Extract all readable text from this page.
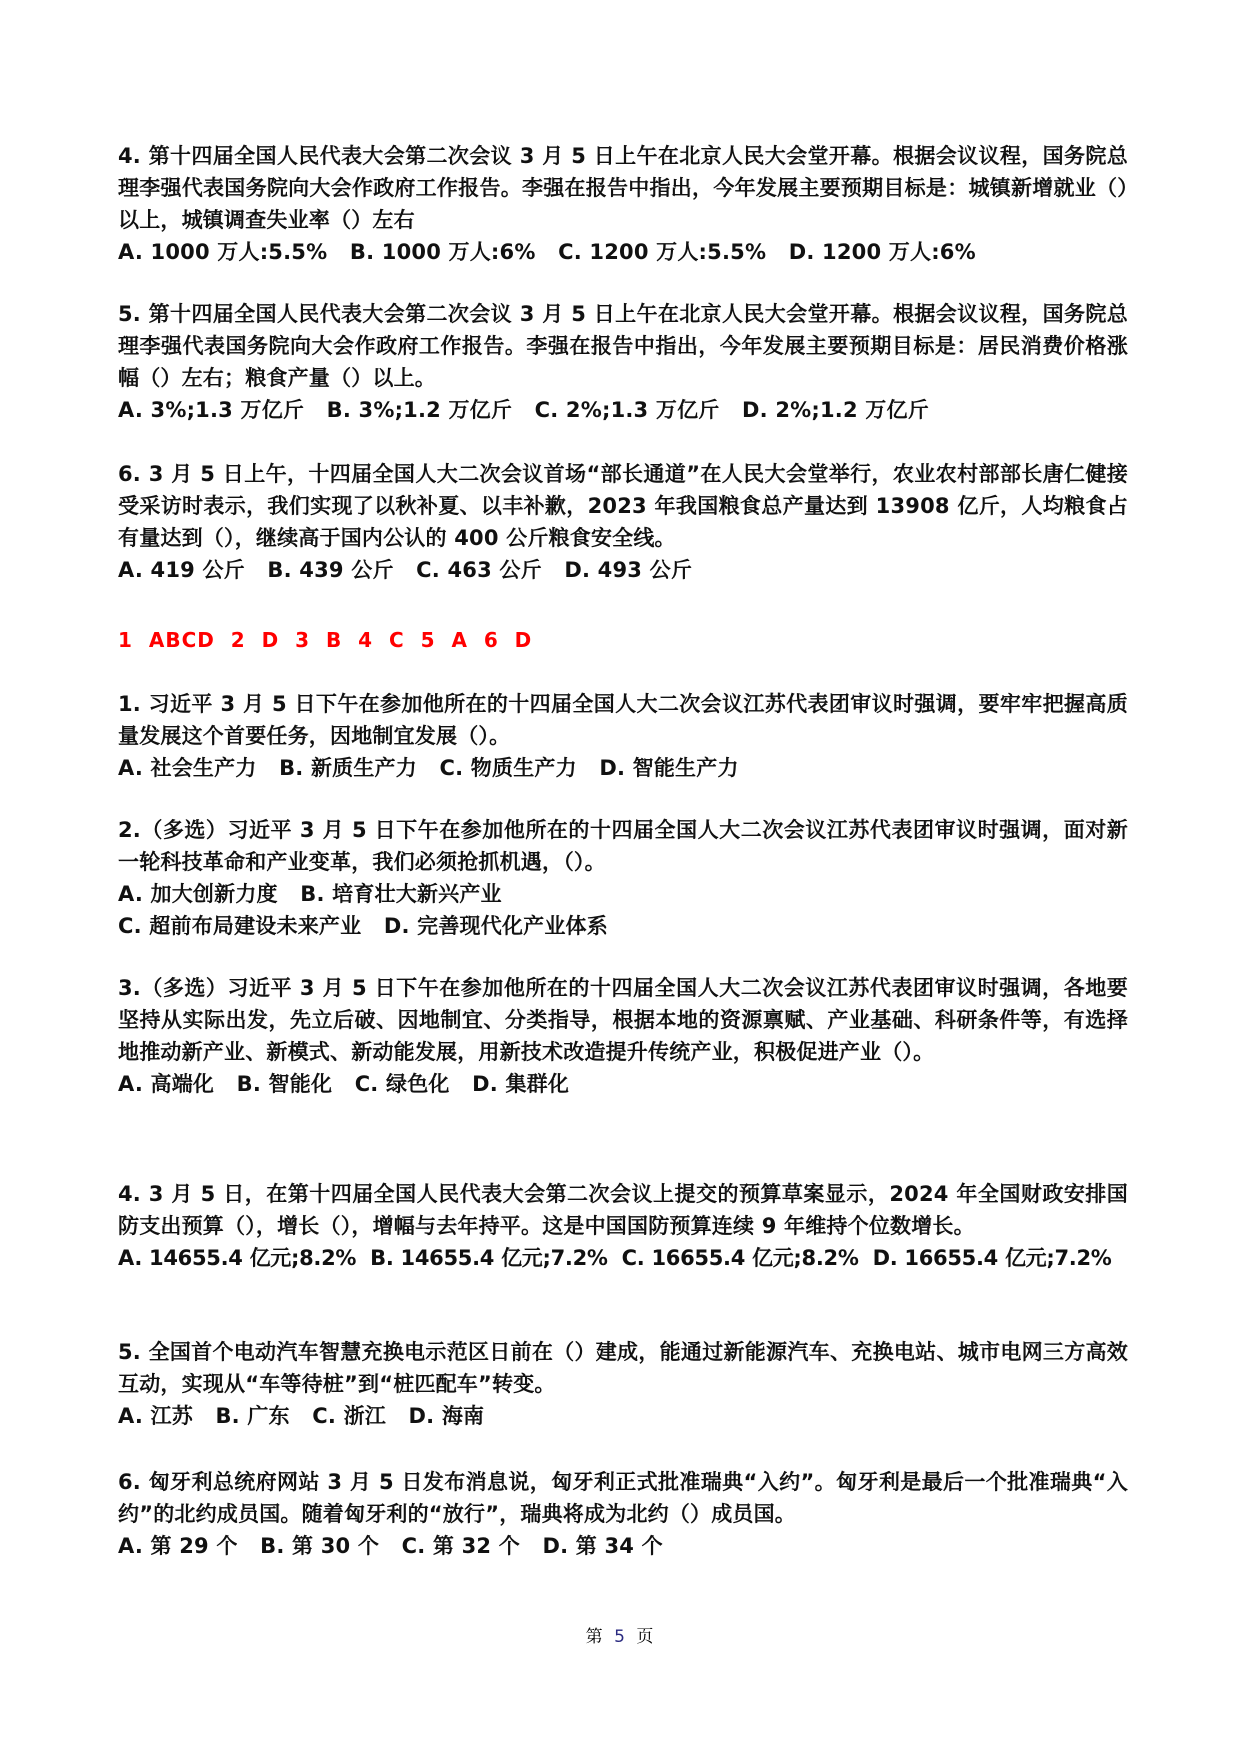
4. 第十四届全国人民代表大会第二次会议 3 月 5 日上午在北京人民大会堂开幕。根据会议议程，国务院总理李强代表国务院向大会作政府工作报告。李强在报告中指出，今年发展主要预期目标是：城镇新增就业（）以上，城镇调查失业率（）左右
A. 1000 万人:5.5%   B. 1000 万人:6%   C. 1200 万人:5.5%   D. 1200 万人:6%
5. 第十四届全国人民代表大会第二次会议 3 月 5 日上午在北京人民大会堂开幕。根据会议议程，国务院总理李强代表国务院向大会作政府工作报告。李强在报告中指出，今年发展主要预期目标是：居民消费价格涨幅（）左右；粮食产量（）以上。
A. 3%;1.3 万亿斤   B. 3%;1.2 万亿斤   C. 2%;1.3 万亿斤   D. 2%;1.2 万亿斤
6. 3 月 5 日上午，十四届全国人大二次会议首场“部长通道”在人民大会堂举行，农业农村部部长唐仁健接受采访时表示，我们实现了以秋补夏、以丰补歉，2023 年我国粮食总产量达到 13908 亿斤，人均粮食占有量达到（），继续高于国内公认的 400 公斤粮食安全线。
A. 419 公斤   B. 439 公斤   C. 463 公斤   D. 493 公斤
1  ABCD  2  D  3  B  4  C  5  A  6  D
1. 习近平 3 月 5 日下午在参加他所在的十四届全国人大二次会议江苏代表团审议时强调，要牢牢把握高质量发展这个首要任务，因地制宜发展（）。
A. 社会生产力   B. 新质生产力   C. 物质生产力   D. 智能生产力
2.（多选）习近平 3 月 5 日下午在参加他所在的十四届全国人大二次会议江苏代表团审议时强调，面对新一轮科技革命和产业变革，我们必须抢抓机遇，（）。
A. 加大创新力度   B. 培育壮大新兴产业
C. 超前布局建设未来产业   D. 完善现代化产业体系
3.（多选）习近平 3 月 5 日下午在参加他所在的十四届全国人大二次会议江苏代表团审议时强调，各地要坚持从实际出发，先立后破、因地制宜、分类指导，根据本地的资源禀赋、产业基础、科研条件等，有选择地推动新产业、新模式、新动能发展，用新技术改造提升传统产业，积极促进产业（）。
A. 高端化   B. 智能化   C. 绿色化   D. 集群化
4. 3 月 5 日，在第十四届全国人民代表大会第二次会议上提交的预算草案显示，2024 年全国财政安排国防支出预算（），增长（），增幅与去年持平。这是中国国防预算连续 9 年维持个位数增长。
A. 14655.4 亿元;8.2%  B. 14655.4 亿元;7.2%  C. 16655.4 亿元;8.2%  D. 16655.4 亿元;7.2%
5. 全国首个电动汽车智慧充换电示范区日前在（）建成，能通过新能源汽车、充换电站、城市电网三方高效互动，实现从“车等待桩”到“桩匹配车”转变。
A. 江苏   B. 广东   C. 浙江   D. 海南
6. 匈牙利总统府网站 3 月 5 日发布消息说，匈牙利正式批准瑞典“入约”。匈牙利是最后一个批准瑞典“入约”的北约成员国。随着匈牙利的“放行”，瑞典将成为北约（）成员国。
A. 第 29 个   B. 第 30 个   C. 第 32 个   D. 第 34 个
第 5 页
